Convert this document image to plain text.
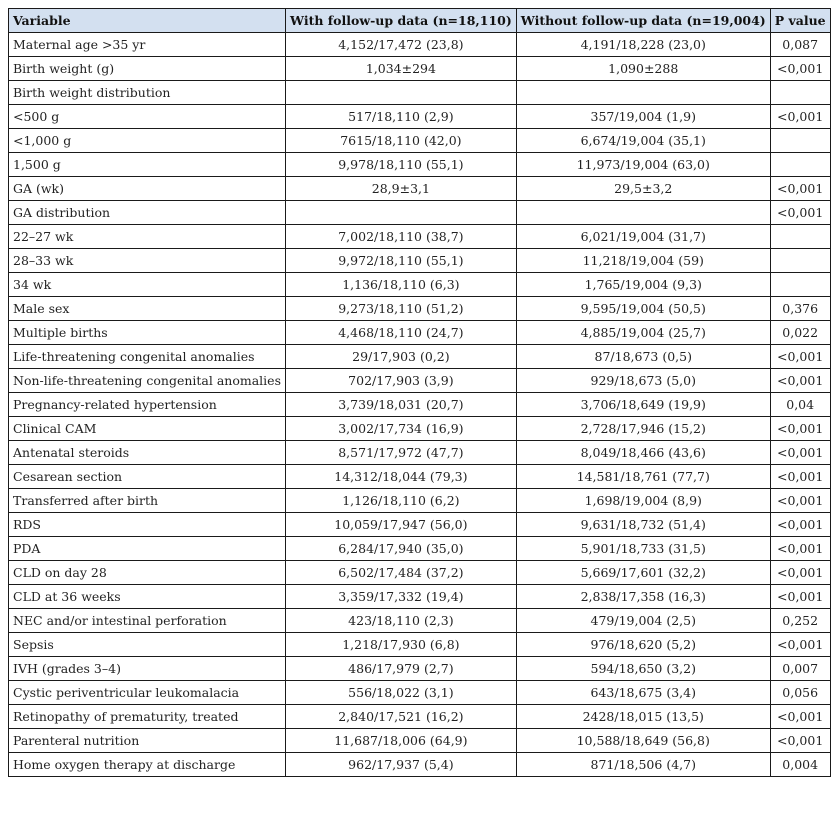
Variable	With follow-up data (n=18,110)	Without follow-up data (n=19,004)	P value
Maternal age >35 yr	4,152/17,472 (23,8)	4,191/18,228 (23,0)	0,087
Birth weight (g)	1,034±294	1,090±288	<0,001
Birth weight distribution			
<500 g	517/18,110 (2,9)	357/19,004 (1,9)	<0,001
<1,000 g	7615/18,110 (42,0)	6,674/19,004 (35,1)	
1,500 g	9,978/18,110 (55,1)	11,973/19,004 (63,0)	
GA (wk)	28,9±3,1	29,5±3,2	<0,001
GA distribution			<0,001
22–27 wk	7,002/18,110 (38,7)	6,021/19,004 (31,7)	
28–33 wk	9,972/18,110 (55,1)	11,218/19,004 (59)	
34 wk	1,136/18,110 (6,3)	1,765/19,004 (9,3)	
Male sex	9,273/18,110 (51,2)	9,595/19,004 (50,5)	0,376
Multiple births	4,468/18,110 (24,7)	4,885/19,004 (25,7)	0,022
Life-threatening congenital anomalies	29/17,903 (0,2)	87/18,673 (0,5)	<0,001
Non-life-threatening congenital anomalies	702/17,903 (3,9)	929/18,673 (5,0)	<0,001
Pregnancy-related hypertension	3,739/18,031 (20,7)	3,706/18,649 (19,9)	0,04
Clinical CAM	3,002/17,734 (16,9)	2,728/17,946 (15,2)	<0,001
Antenatal steroids	8,571/17,972 (47,7)	8,049/18,466 (43,6)	<0,001
Cesarean section	14,312/18,044 (79,3)	14,581/18,761 (77,7)	<0,001
Transferred after birth	1,126/18,110 (6,2)	1,698/19,004 (8,9)	<0,001
RDS	10,059/17,947 (56,0)	9,631/18,732 (51,4)	<0,001
PDA	6,284/17,940 (35,0)	5,901/18,733 (31,5)	<0,001
CLD on day 28	6,502/17,484 (37,2)	5,669/17,601 (32,2)	<0,001
CLD at 36 weeks	3,359/17,332 (19,4)	2,838/17,358 (16,3)	<0,001
NEC and/or intestinal perforation	423/18,110 (2,3)	479/19,004 (2,5)	0,252
Sepsis	1,218/17,930 (6,8)	976/18,620 (5,2)	<0,001
IVH (grades 3–4)	486/17,979 (2,7)	594/18,650 (3,2)	0,007
Cystic periventricular leukomalacia	556/18,022 (3,1)	643/18,675 (3,4)	0,056
Retinopathy of prematurity, treated	2,840/17,521 (16,2)	2428/18,015 (13,5)	<0,001
Parenteral nutrition	11,687/18,006 (64,9)	10,588/18,649 (56,8)	<0,001
Home oxygen therapy at discharge	962/17,937 (5,4)	871/18,506 (4,7)	0,004
